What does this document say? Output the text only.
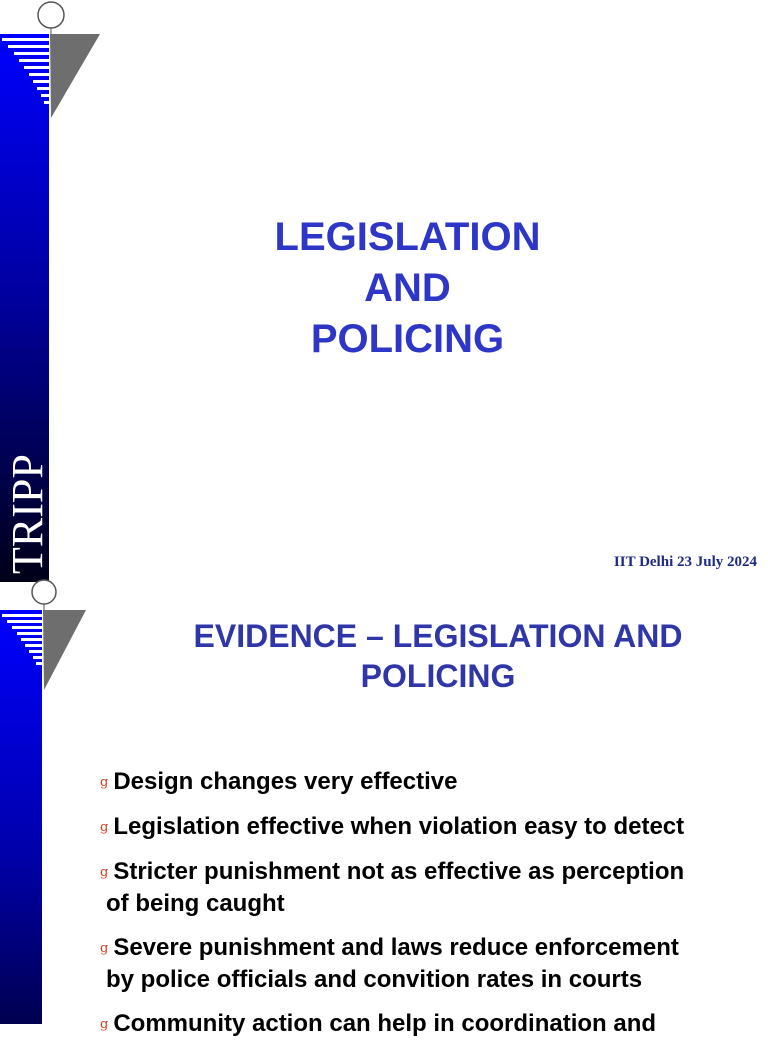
TRIPP
LEGISLATION
AND
POLICING
IIT Delhi 23 July 2024
EVIDENCE – LEGISLATION AND
POLICING
g Design changes very effective
g Legislation effective when violation easy to detect
g Stricter punishment not as effective as perception
of being caught
g Severe punishment and laws reduce enforcement
by police officials and convition rates in courts
g Community action can help in coordination and
